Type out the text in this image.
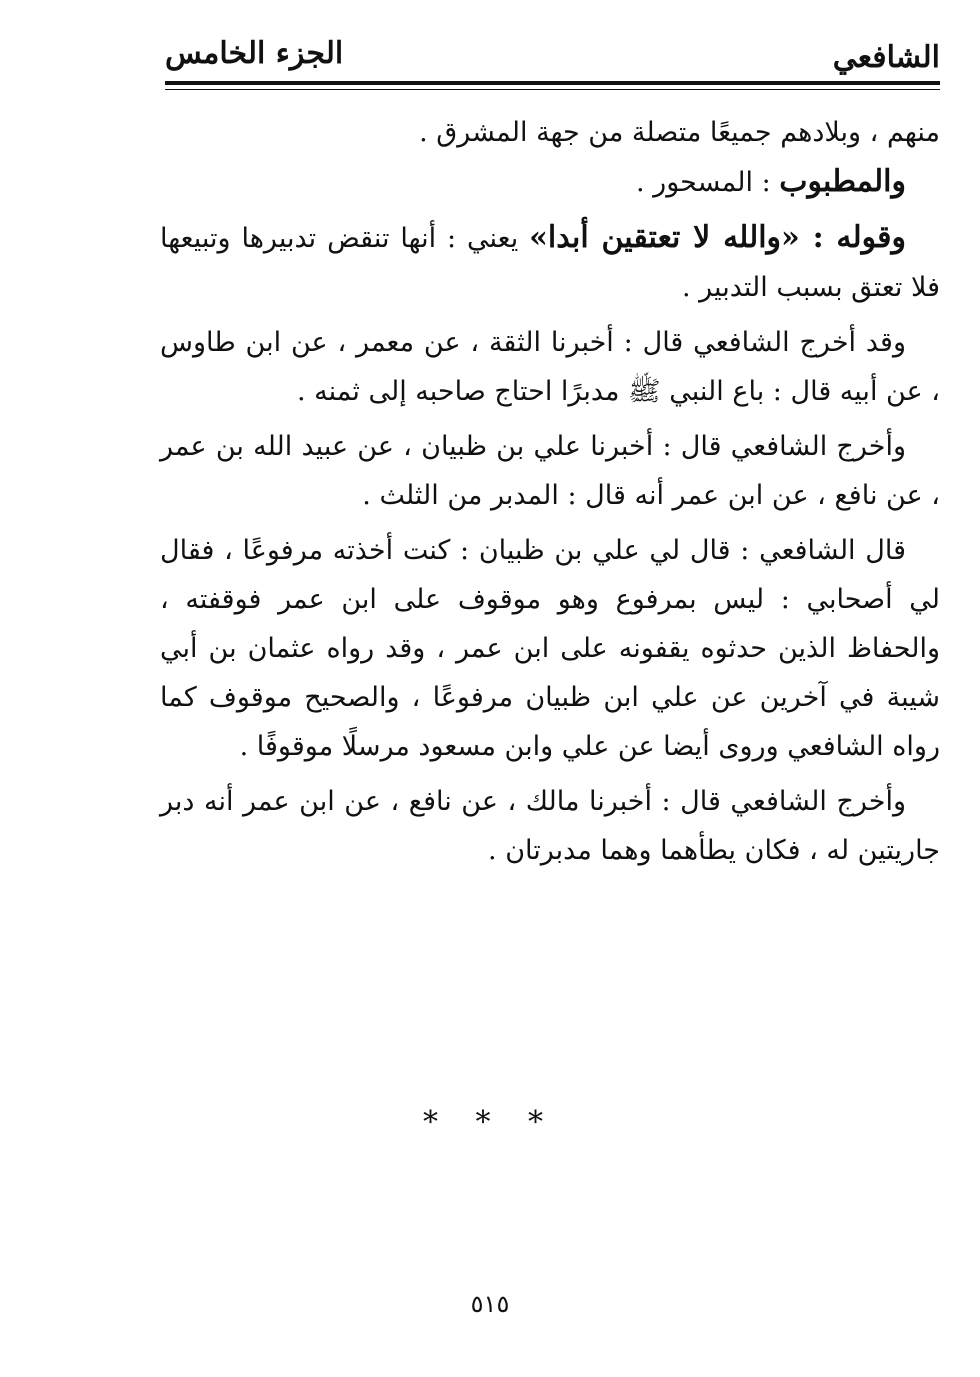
الشافعي
الجزء الخامس

منهم ، وبلادهم جميعًا متصلة من جهة المشرق .

والمطبوب : المسحور .

وقوله : «والله لا تعتقين أبدا» يعني : أنها تنقض تدبيرها وتبيعها فلا تعتق بسبب التدبير .

وقد أخرج الشافعي قال : أخبرنا الثقة ، عن معمر ، عن ابن طاوس ، عن أبيه قال : باع النبي ﷺ مدبرًا احتاج صاحبه إلى ثمنه .

وأخرج الشافعي قال : أخبرنا علي بن ظبيان ، عن عبيد الله بن عمر ، عن نافع ، عن ابن عمر أنه قال : المدبر من الثلث .

قال الشافعي : قال لي علي بن ظبيان : كنت أخذته مرفوعًا ، فقال لي أصحابي : ليس بمرفوع وهو موقوف على ابن عمر فوقفته ، والحفاظ الذين حدثوه يقفونه على ابن عمر ، وقد رواه عثمان بن أبي شيبة في آخرين عن علي ابن ظبيان مرفوعًا ، والصحيح موقوف كما رواه الشافعي وروى أيضا عن علي وابن مسعود مرسلًا موقوفًا .

وأخرج الشافعي قال : أخبرنا مالك ، عن نافع ، عن ابن عمر أنه دبر جاريتين له ، فكان يطأهما وهما مدبرتان .

* * *
٥١٥
